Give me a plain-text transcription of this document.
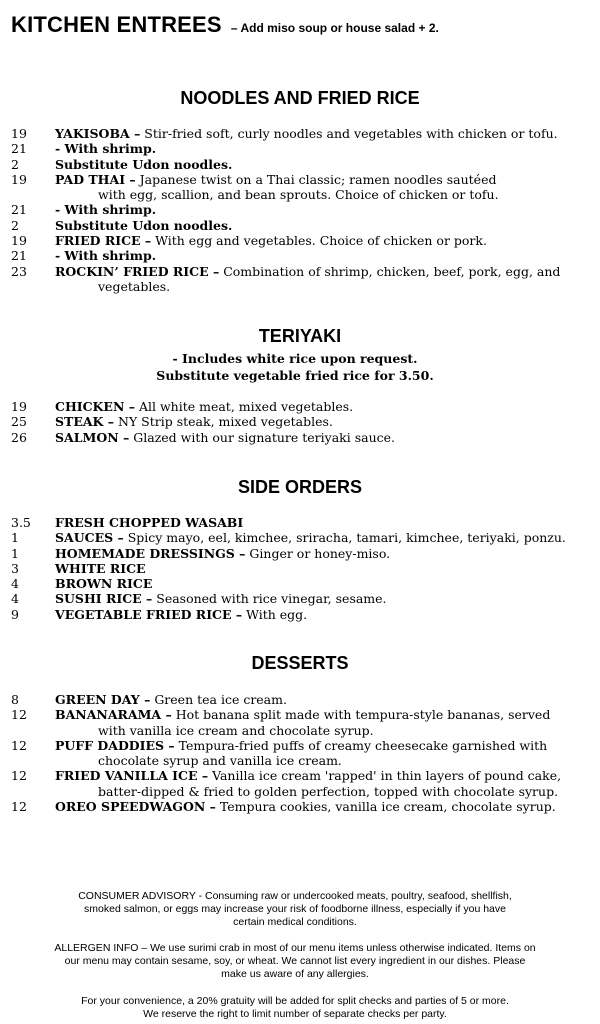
KITCHEN ENTREES – Add miso soup or house salad + 2.
NOODLES AND FRIED RICE
19 YAKISOBA – Stir-fried soft, curly noodles and vegetables with chicken or tofu.
21 - With shrimp.
2	Substitute Udon noodles.
19 PAD THAI – Japanese twist on a Thai classic; ramen noodles sautéed
with egg, scallion, and bean sprouts. Choice of chicken or tofu.
21 - With shrimp.
2	Substitute Udon noodles.
19 FRIED RICE – With egg and vegetables. Choice of chicken or pork.
21 - With shrimp.
23 ROCKIN’ FRIED RICE – Combination of shrimp, chicken, beef, pork, egg, and
vegetables.
TERIYAKI
- Includes white rice upon request.
Substitute vegetable fried rice for 3.50.
19 CHICKEN – All white meat, mixed vegetables.
25 STEAK – NY Strip steak, mixed vegetables.
26 SALMON – Glazed with our signature teriyaki sauce.
SIDE ORDERS
3.5 FRESH CHOPPED WASABI
1	SAUCES – Spicy mayo, eel, kimchee, sriracha, tamari, kimchee, teriyaki, ponzu.
1	HOMEMADE DRESSINGS – Ginger or honey-miso.
3	WHITE RICE
4	BROWN RICE
4	SUSHI RICE – Seasoned with rice vinegar, sesame.
9	VEGETABLE FRIED RICE – With egg.
DESSERTS
8	GREEN DAY – Green tea ice cream.
12 BANANARAMA – Hot banana split made with tempura-style bananas, served
with vanilla ice cream and chocolate syrup.
12 PUFF DADDIES – Tempura-fried puffs of creamy cheesecake garnished with
chocolate syrup and vanilla ice cream.
12 FRIED VANILLA ICE – Vanilla ice cream 'rapped' in thin layers of pound cake,
batter-dipped & fried to golden perfection, topped with chocolate syrup.
12 OREO SPEEDWAGON – Tempura cookies, vanilla ice cream, chocolate syrup.
CONSUMER ADVISORY - Consuming raw or undercooked meats, poultry, seafood, shellfish,
smoked salmon, or eggs may increase your risk of foodborne illness, especially if you have
certain medical conditions.
ALLERGEN INFO – We use surimi crab in most of our menu items unless otherwise indicated. Items on
our menu may contain sesame, soy, or wheat. We cannot list every ingredient in our dishes. Please
make us aware of any allergies.
For your convenience, a 20% gratuity will be added for split checks and parties of 5 or more.
We reserve the right to limit number of separate checks per party.
